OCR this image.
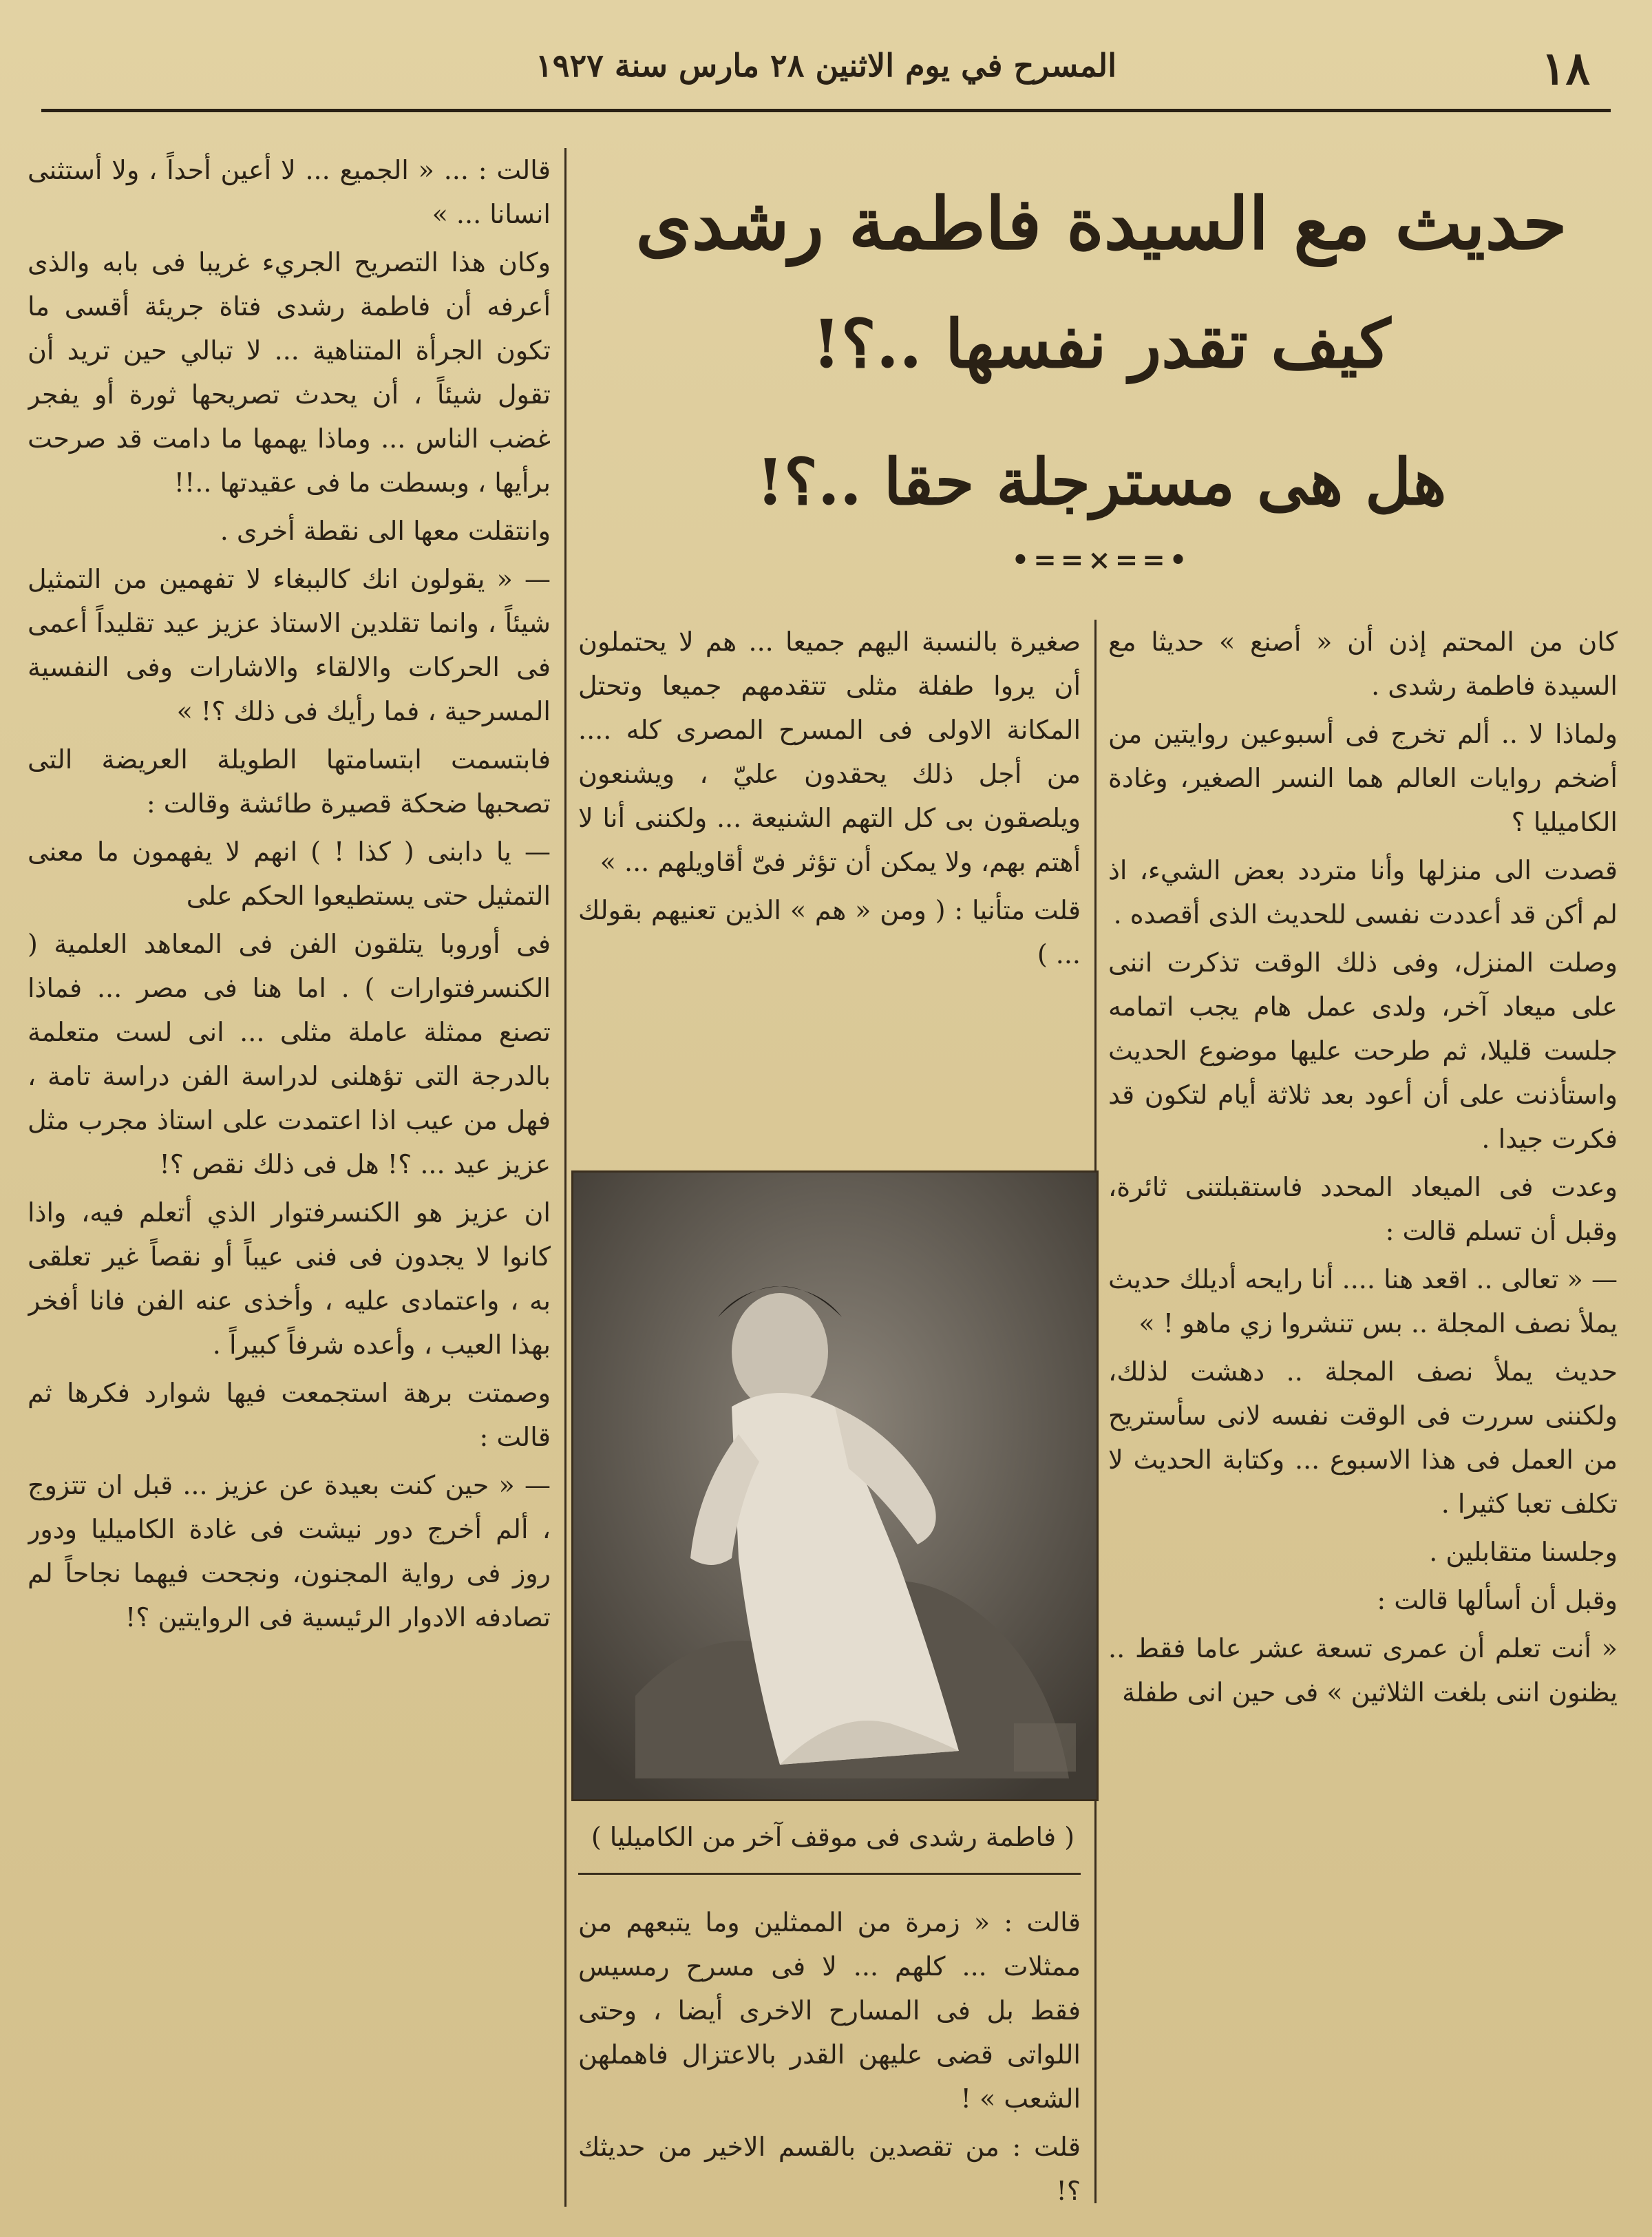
١٨
المسرح في يوم الاثنين ٢٨ مارس سنة ١٩٢٧

قالت : ... « الجميع ... لا أعين أحداً ، ولا أستثنى انسانا ... »

وكان هذا التصريح الجريء غريبا فى بابه والذى أعرفه أن فاطمة رشدى فتاة جريئة أقسى ما تكون الجرأة المتناهية ... لا تبالي حين تريد أن تقول شيئاً ، أن يحدث تصريحها ثورة أو يفجر غضب الناس ... وماذا يهمها ما دامت قد صرحت برأيها ، وبسطت ما فى عقيدتها ..!!

وانتقلت معها الى نقطة أخرى .

— « يقولون انك كالببغاء لا تفهمين من التمثيل شيئاً ، وانما تقلدين الاستاذ عزيز عيد تقليداً أعمى فى الحركات والالقاء والاشارات وفى النفسية المسرحية ، فما رأيك فى ذلك ؟! »

فابتسمت ابتسامتها الطويلة العريضة التى تصحبها ضحكة قصيرة طائشة وقالت :

— يا دابنى ( كذا ! ) انهم لا يفهمون ما معنى التمثيل حتى يستطيعوا الحكم على

فى أوروبا يتلقون الفن فى المعاهد العلمية ( الكنسرفتوارات ) . اما هنا فى مصر ... فماذا تصنع ممثلة عاملة مثلى ... انى لست متعلمة بالدرجة التى تؤهلنى لدراسة الفن دراسة تامة ، فهل من عيب اذا اعتمدت على استاذ مجرب مثل عزيز عيد ... ؟! هل فى ذلك نقص ؟!

ان عزيز هو الكنسرفتوار الذي أتعلم فيه، واذا كانوا لا يجدون فى فنى عيباً أو نقصاً غير تعلقى به ، واعتمادى عليه ، وأخذى عنه الفن فانا أفخر بهذا العيب ، وأعده شرفاً كبيراً .

وصمتت برهة استجمعت فيها شوارد فكرها ثم قالت :

— « حين كنت بعيدة عن عزيز ... قبل ان تتزوج ، ألم أخرج دور نيشت فى غادة الكاميليا ودور روز فى رواية المجنون، ونجحت فيهما نجاحاً لم تصادفه الادوار الرئيسية فى الروايتين ؟!

حديث مع السيدة فاطمة رشدى
كيف تقدر نفسها ..؟!
هل هى مسترجلة حقا ..؟!
•==×==•

كان من المحتم إذن أن « أصنع » حديثا مع السيدة فاطمة رشدى .

ولماذا لا .. ألم تخرج فى أسبوعين روايتين من أضخم روايات العالم هما النسر الصغير، وغادة الكاميليا ؟

قصدت الى منزلها وأنا متردد بعض الشيء، اذ لم أكن قد أعددت نفسى للحديث الذى أقصده .

وصلت المنزل، وفى ذلك الوقت تذكرت اننى على ميعاد آخر، ولدى عمل هام يجب اتمامه جلست قليلا، ثم طرحت عليها موضوع الحديث واستأذنت على أن أعود بعد ثلاثة أيام لتكون قد فكرت جيدا .

وعدت فى الميعاد المحدد فاستقبلتنى ثائرة، وقبل أن تسلم قالت :

— « تعالى .. اقعد هنا .... أنا رايحه أديلك حديث يملأ نصف المجلة .. بس تنشروا زي ماهو ! »

حديث يملأ نصف المجلة .. دهشت لذلك، ولكننى سررت فى الوقت نفسه لانى سأستريح من العمل فى هذا الاسبوع ... وكتابة الحديث لا تكلف تعبا كثيرا .

وجلسنا متقابلين .

وقبل أن أسألها قالت :

« أنت تعلم أن عمرى تسعة عشر عاما فقط .. يظنون اننى بلغت الثلاثين » فى حين انى طفلة

صغيرة بالنسبة اليهم جميعا ... هم لا يحتملون أن يروا طفلة مثلى تتقدمهم جميعا وتحتل المكانة الاولى فى المسرح المصرى كله .... من أجل ذلك يحقدون عليّ ، ويشنعون ويلصقون بى كل التهم الشنيعة ... ولكننى أنا لا أهتم بهم، ولا يمكن أن تؤثر فىّ أقاويلهم ... »

قلت متأنيا : ( ومن « هم » الذين تعنيهم بقولك ... )

( فاطمة رشدى فى موقف آخر من الكاميليا )

قالت : « زمرة من الممثلين وما يتبعهم من ممثلات ... كلهم ... لا فى مسرح رمسيس فقط بل فى المسارح الاخرى أيضا ، وحتى اللواتى قضى عليهن القدر بالاعتزال فاهملهن الشعب » !

قلت : من تقصدين بالقسم الاخير من حديثك ؟!
